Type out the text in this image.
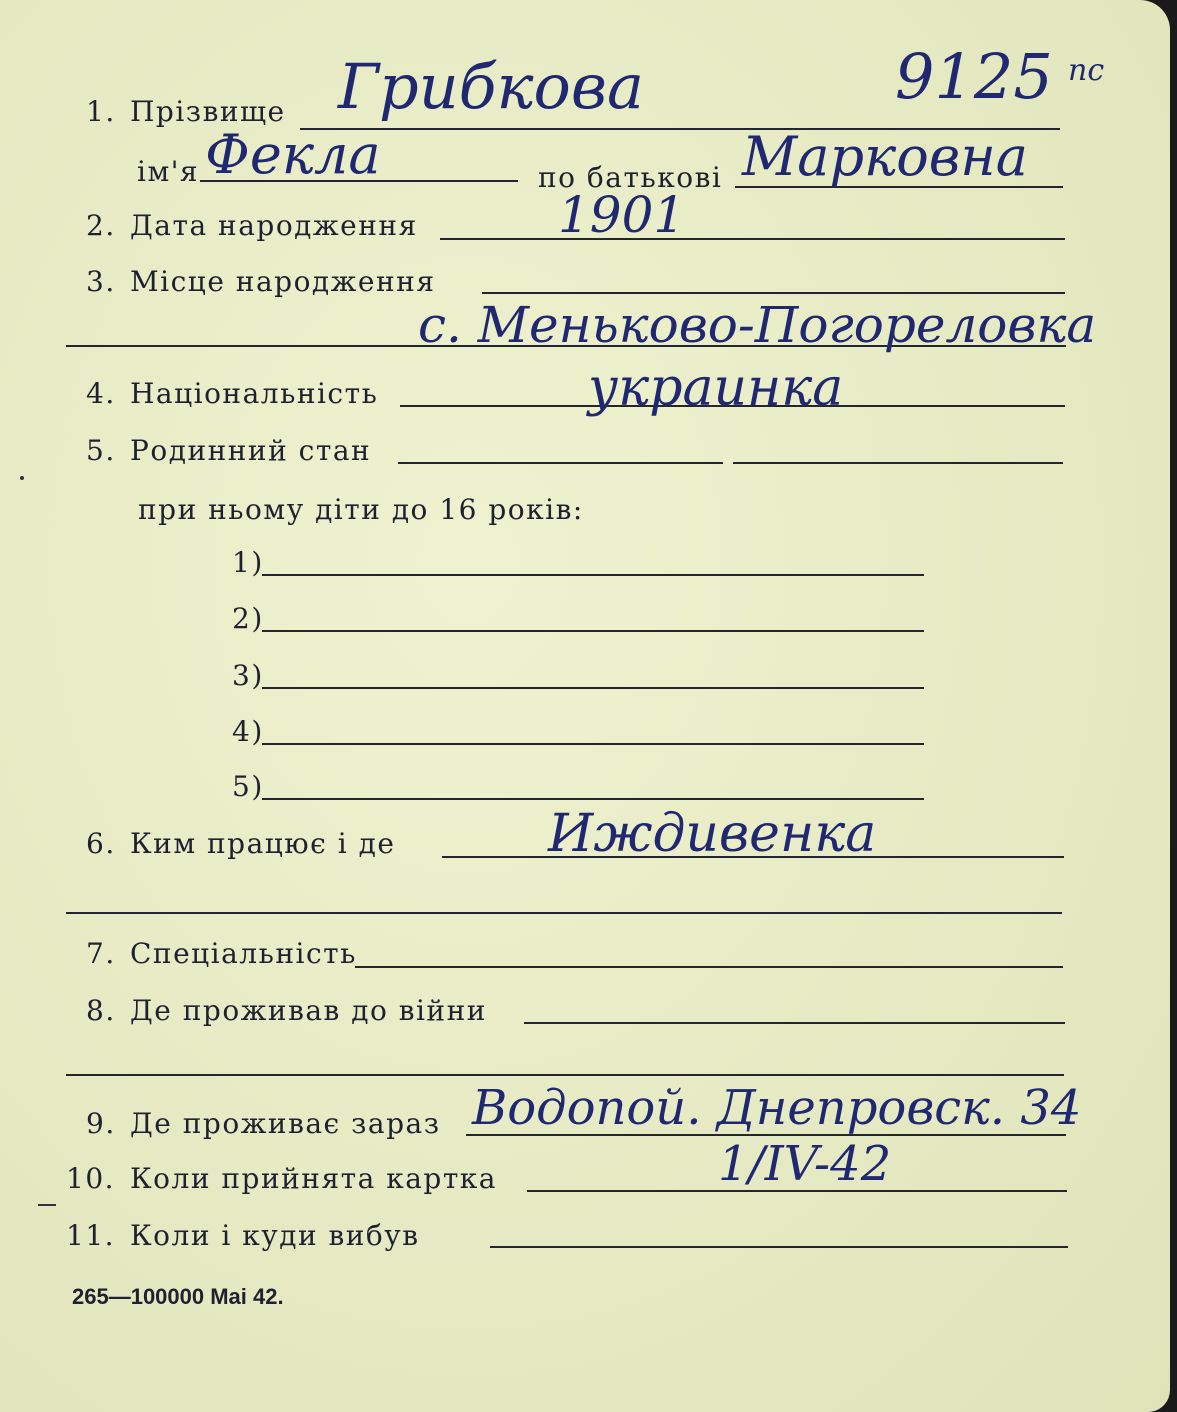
1. Прізвище Грибкова	9125 пс
ім'я Фекла	по батькові Марковна
2. Дата народження	1901
3. Місце народження
с. Меньково-Погореловка
4. Національність	украинка
5. Родинний стан
при ньому діти до 16 років:
1)
2)
3)
4)
5)
6. Ким працює і де	Иждивенка
7. Спеціальність
8. Де проживав до війни
9. Де проживає зараз Водопой. Днепровск. 34
10. Коли прийнята картка	1/IV-42
11. Коли і куди вибув
265—100000 Mai 42.
